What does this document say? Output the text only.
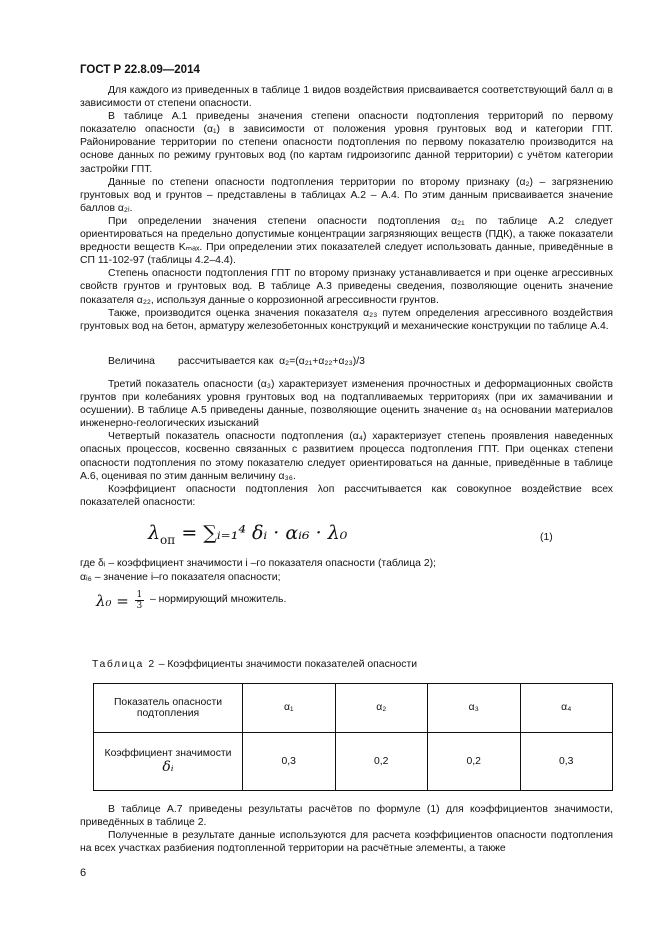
ГОСТ Р 22.8.09—2014

Для каждого из приведенных в таблице 1 видов воздействия присваивается соответствующий балл αᵢ в зависимости от степени опасности.

В таблице А.1 приведены значения степени опасности подтопления территорий по первому показателю опасности (α₁) в зависимости от положения уровня грунтовых вод и категории ГПТ. Районирование территории по степени опасности подтопления по первому показателю производится на основе данных по режиму грунтовых вод (по картам гидроизогипс данной территории) с учётом категории застройки ГПТ.

Данные по степени опасности подтопления территории по второму признаку (α₂) – загрязнению грунтовых вод и грунтов – представлены в таблицах А.2 – А.4. По этим данным присваивается значение баллов α₂ᵢ.

При определении значения степени опасности подтопления α₂₁ по таблице А.2 следует ориентироваться на предельно допустимые концентрации загрязняющих веществ (ПДК), а также показатели вредности веществ Kₘₐₓ. При определении этих показателей следует использовать данные, приведённые в СП 11-102-97 (таблицы 4.2–4.4).

Степень опасности подтопления ГПТ по второму признаку устанавливается и при оценке агрессивных свойств грунтов и грунтовых вод. В таблице А.3 приведены сведения, позволяющие оценить значение показателя α₂₂, используя данные о коррозионной агрессивности грунтов.

Также, производится оценка значения показателя α₂₃ путем определения агрессивного воздействия грунтовых вод на бетон, арматуру железобетонных конструкций и механические конструкции по таблице А.4.

Величина        рассчитывается как  α₂=(α₂₁+α₂₂+α₂₃)/3

Третий показатель опасности (α₃) характеризует изменения прочностных и деформационных свойств грунтов при колебаниях уровня грунтовых вод на подтапливаемых территориях (при их замачивании и осушении). В таблице А.5 приведены данные, позволяющие оценить значение α₃ на основании материалов инженерно-геологических изысканий

Четвертый показатель опасности подтопления (α₄) характеризует степень проявления наведенных опасных процессов, косвенно связанных с развитием процесса подтопления ГПТ. При оценках степени опасности подтопления по этому показателю следует ориентироваться на данные, приведённые в таблице А.6, оценивая по этим данным величину α₃₆.

Коэффициент опасности подтопления λоп рассчитывается как совокупное воздействие всех показателей опасности:

$\lambda_{оп}$ = ∑ᵢ₌₁⁴ δᵢ · αᵢ₆ · λ₀	(1)
где δᵢ – коэффициент значимости i –го показателя опасности (таблица 2);
αᵢ₆ – значение i–го показателя опасности;
$\lambda_0 = \frac{1}{3}$ – нормирующий множитель.
Таблица 2 – Коэффициенты значимости показателей опасности
Показатель опасности подтопления	α₁	α₂	α₃	α₄
Коэффициент значимости δᵢ	0,3	0,2	0,2	0,3

В таблице А.7 приведены результаты расчётов по формуле (1) для коэффициентов значимости, приведённых в таблице 2.

Полученные в результате данные используются для расчета коэффициентов опасности подтопления на всех участках разбиения подтопленной территории на расчётные элементы, а также

6
